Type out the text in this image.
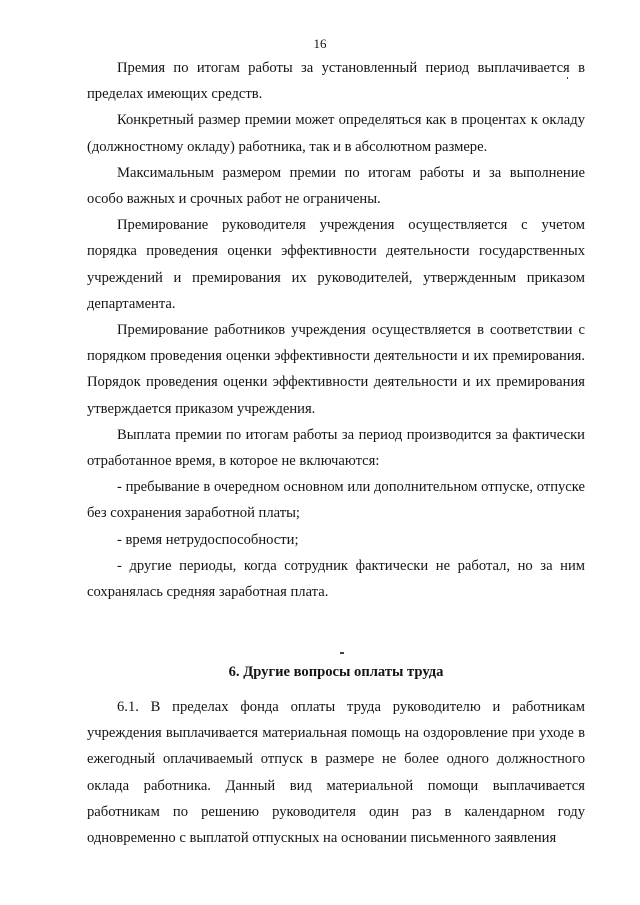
16

Премия по итогам работы за установленный период выплачивается в пределах имеющих средств.

Конкретный размер премии может определяться как в процентах к окладу (должностному окладу) работника, так и в абсолютном размере.

Максимальным размером премии по итогам работы и за выполнение особо важных и срочных работ не ограничены.

Премирование руководителя учреждения осуществляется с учетом порядка проведения оценки эффективности деятельности государственных учреждений и премирования их руководителей, утвержденным приказом департамента.

Премирование работников учреждения осуществляется в соответствии с порядком проведения оценки эффективности деятельности и их премирования. Порядок проведения оценки эффективности деятельности и их премирования утверждается приказом учреждения.

Выплата премии по итогам работы за период производится за фактически отработанное время, в которое не включаются:

- пребывание в очередном основном или дополнительном отпуске, отпуске без сохранения заработной платы;

- время нетрудоспособности;

- другие периоды, когда сотрудник фактически не работал, но за ним сохранялась средняя заработная плата.

6. Другие вопросы оплаты труда

6.1. В пределах фонда оплаты труда руководителю и работникам учреждения выплачивается материальная помощь на оздоровление при уходе в ежегодный оплачиваемый отпуск в размере не более одного должностного оклада работника. Данный вид материальной помощи выплачивается работникам по решению руководителя один раз в календарном году одновременно с выплатой отпускных на основании письменного заявления
